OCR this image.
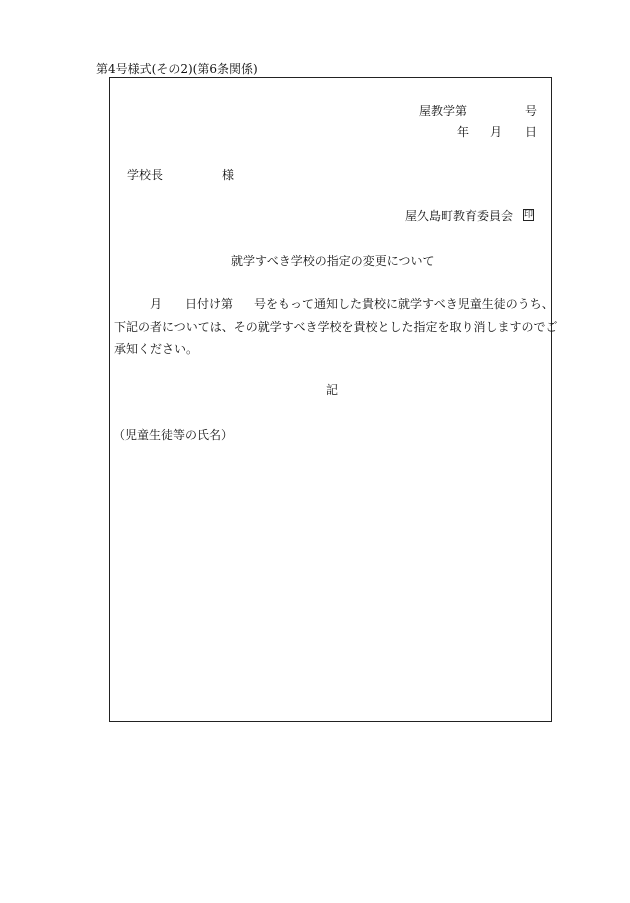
第4号様式(その2)(第6条関係)
屋教学第	号
年 月 日
学校長	様
屋久島町教育委員会 印
就学すべき学校の指定の変更について
月 日付け第 号をもって通知した貴校に就学すべき児童生徒のうち、
下記の者については、その就学すべき学校を貴校とした指定を取り消しますのでご
承知ください。
記
（児童生徒等の氏名）
